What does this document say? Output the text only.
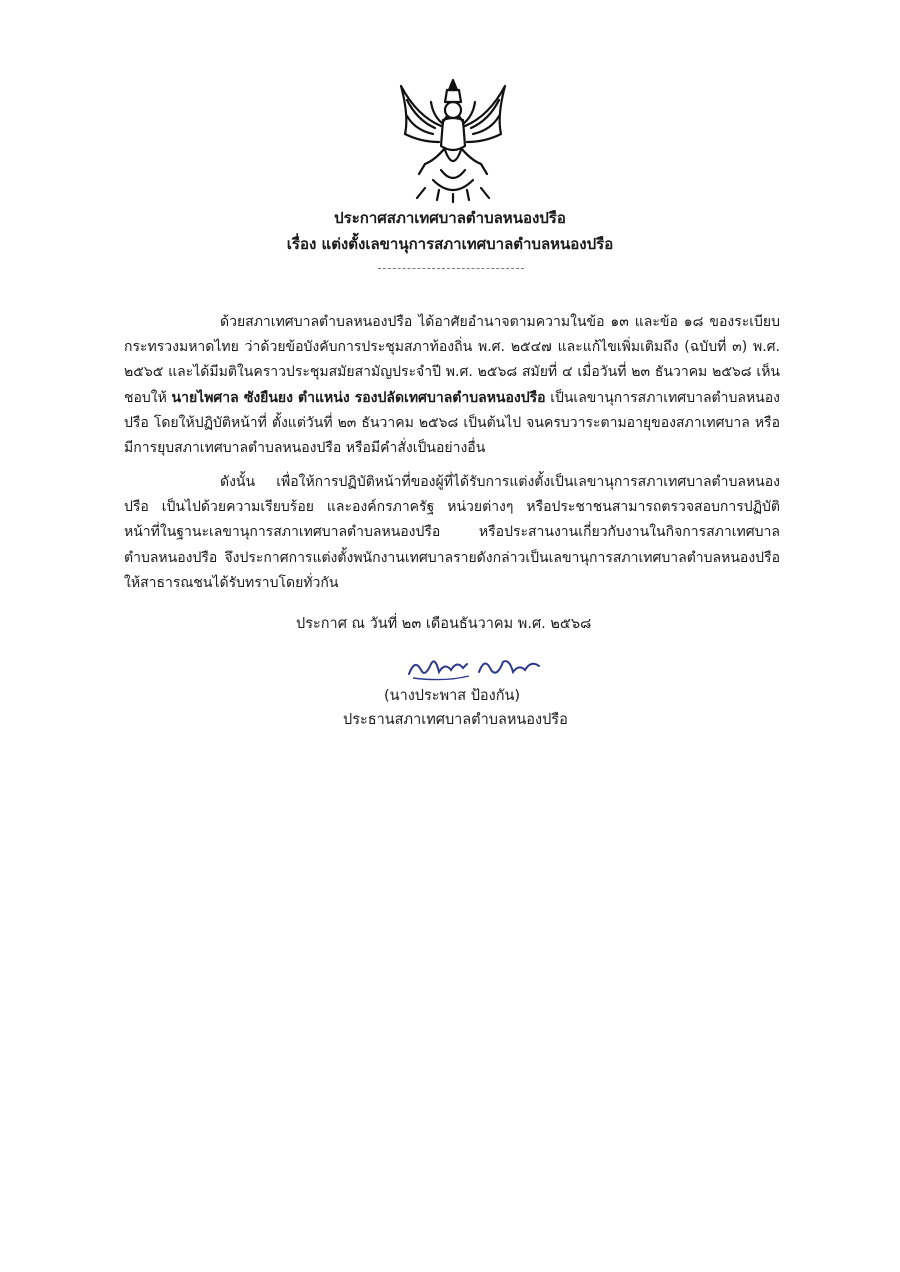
ประกาศสภาเทศบาลตำบลหนองปรือ
เรื่อง แต่งตั้งเลขานุการสภาเทศบาลตำบลหนองปรือ

ด้วยสภาเทศบาลตำบลหนองปรือ ได้อาศัยอำนาจตามความในข้อ ๑๓ และข้อ ๑๘ ของระเบียบกระทรวงมหาดไทย ว่าด้วยข้อบังคับการประชุมสภาท้องถิ่น พ.ศ. ๒๕๔๗ และแก้ไขเพิ่มเติมถึง (ฉบับที่ ๓) พ.ศ. ๒๕๖๕ และได้มีมติในคราวประชุมสมัยสามัญประจำปี พ.ศ. ๒๕๖๘ สมัยที่ ๔ เมื่อวันที่ ๒๓ ธันวาคม ๒๕๖๘ เห็นชอบให้ นายไพศาล ซังยืนยง ตำแหน่ง รองปลัดเทศบาลตำบลหนองปรือ เป็นเลขานุการสภาเทศบาลตำบลหนองปรือ โดยให้ปฏิบัติหน้าที่ ตั้งแต่วันที่ ๒๓ ธันวาคม ๒๕๖๘ เป็นต้นไป จนครบวาระตามอายุของสภาเทศบาล หรือมีการยุบสภาเทศบาลตำบลหนองปรือ หรือมีคำสั่งเป็นอย่างอื่น

ดังนั้น เพื่อให้การปฏิบัติหน้าที่ของผู้ที่ได้รับการแต่งตั้งเป็นเลขานุการสภาเทศบาลตำบลหนองปรือ เป็นไปด้วยความเรียบร้อย และองค์กรภาครัฐ หน่วยต่างๆ หรือประชาชนสามารถตรวจสอบการปฏิบัติหน้าที่ในฐานะเลขานุการสภาเทศบาลตำบลหนองปรือ หรือประสานงานเกี่ยวกับงานในกิจการสภาเทศบาลตำบลหนองปรือ จึงประกาศการแต่งตั้งพนักงานเทศบาลรายดังกล่าวเป็นเลขานุการสภาเทศบาลตำบลหนองปรือ ให้สาธารณชนได้รับทราบโดยทั่วกัน

ประกาศ ณ วันที่ ๒๓ เดือนธันวาคม พ.ศ. ๒๕๖๘
(นางประพาส ป้องกัน)
ประธานสภาเทศบาลตำบลหนองปรือ
